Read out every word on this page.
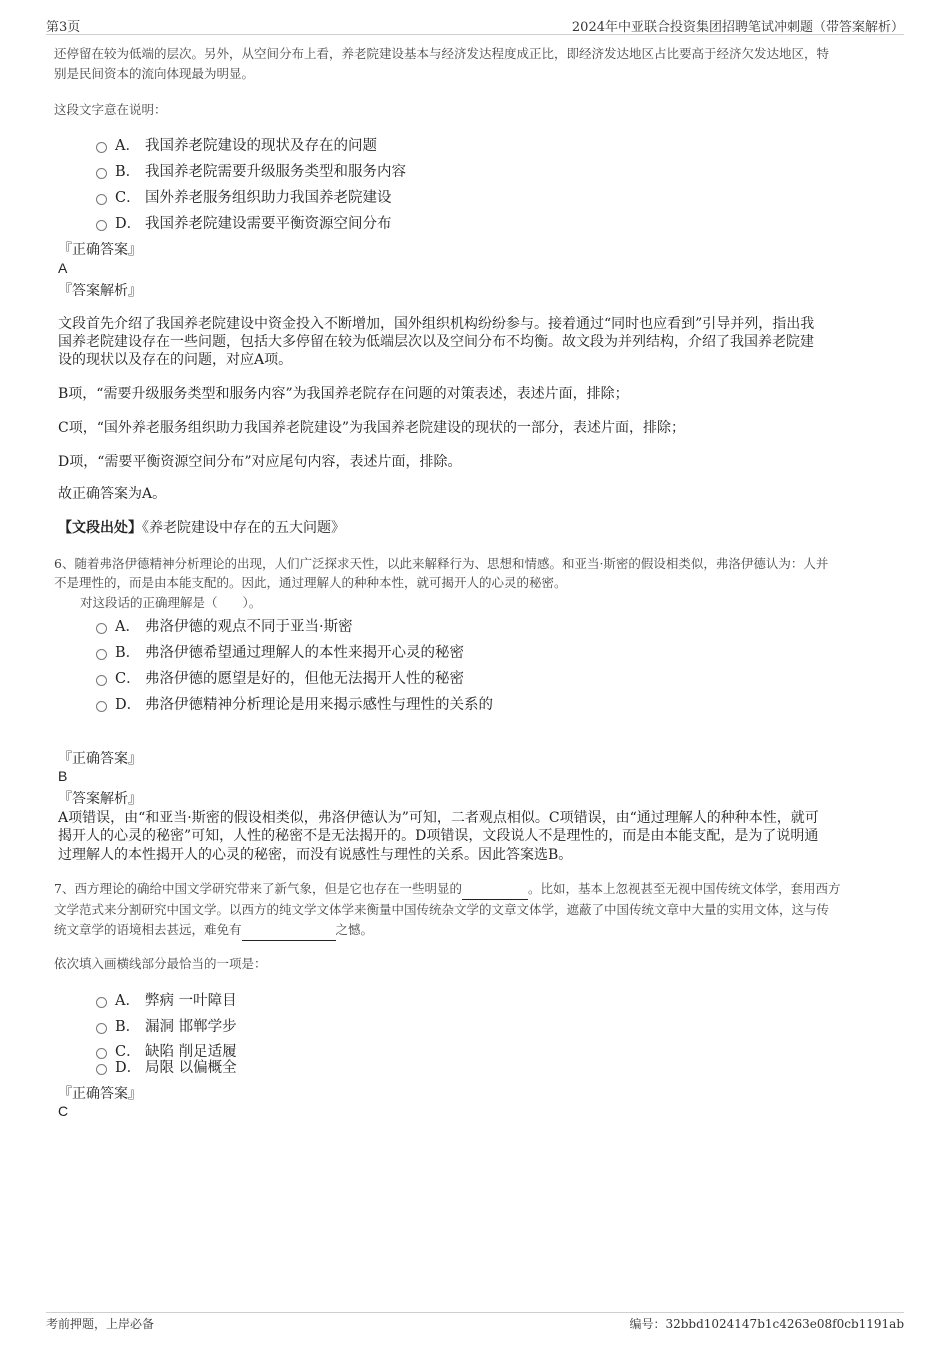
第3页	2024年中亚联合投资集团招聘笔试冲刺题（带答案解析）
还停留在较为低端的层次。另外，从空间分布上看，养老院建设基本与经济发达程度成正比，即经济发达地区占比要高于经济欠发达地区，特
别是民间资本的流向体现最为明显。
这段文字意在说明：
A． 我国养老院建设的现状及存在的问题
B． 我国养老院需要升级服务类型和服务内容
C． 国外养老服务组织助力我国养老院建设
D． 我国养老院建设需要平衡资源空间分布
『正确答案』
A
『答案解析』
文段首先介绍了我国养老院建设中资金投入不断增加，国外组织机构纷纷参与。接着通过“同时也应看到”引导并列，指出我
国养老院建设存在一些问题，包括大多停留在较为低端层次以及空间分布不均衡。故文段为并列结构，介绍了我国养老院建
设的现状以及存在的问题，对应A项。
B项，“需要升级服务类型和服务内容”为我国养老院存在问题的对策表述，表述片面，排除；
C项，“国外养老服务组织助力我国养老院建设”为我国养老院建设的现状的一部分，表述片面，排除；
D项，“需要平衡资源空间分布”对应尾句内容，表述片面，排除。
故正确答案为A。
【文段出处】《养老院建设中存在的五大问题》
6、随着弗洛伊德精神分析理论的出现，人们广泛探求天性，以此来解释行为、思想和情感。和亚当·斯密的假设相类似，弗洛伊德认为：人并
不是理性的，而是由本能支配的。因此，通过理解人的种种本性，就可揭开人的心灵的秘密。
对这段话的正确理解是（　　）。
A． 弗洛伊德的观点不同于亚当·斯密
B． 弗洛伊德希望通过理解人的本性来揭开心灵的秘密
C． 弗洛伊德的愿望是好的，但他无法揭开人性的秘密
D． 弗洛伊德精神分析理论是用来揭示感性与理性的关系的
『正确答案』
B
『答案解析』
A项错误，由“和亚当·斯密的假设相类似，弗洛伊德认为”可知，二者观点相似。C项错误，由“通过理解人的种种本性，就可
揭开人的心灵的秘密”可知，人性的秘密不是无法揭开的。D项错误，文段说人不是理性的，而是由本能支配，是为了说明通
过理解人的本性揭开人的心灵的秘密，而没有说感性与理性的关系。因此答案选B。
7、西方理论的确给中国文学研究带来了新气象，但是它也存在一些明显的	。比如，基本上忽视甚至无视中国传统文体学，套用西方
文学范式来分割研究中国文学。以西方的纯文学文体学来衡量中国传统杂文学的文章文体学，遮蔽了中国传统文章中大量的实用文体，这与传
统文章学的语境相去甚远，难免有	之憾。
依次填入画横线部分最恰当的一项是：
A． 弊病 一叶障目
B． 漏洞 邯郸学步
C． 缺陷 削足适履
D． 局限 以偏概全
『正确答案』
C
考前押题，上岸必备	编号：32bbd1024147b1c4263e08f0cb1191ab
